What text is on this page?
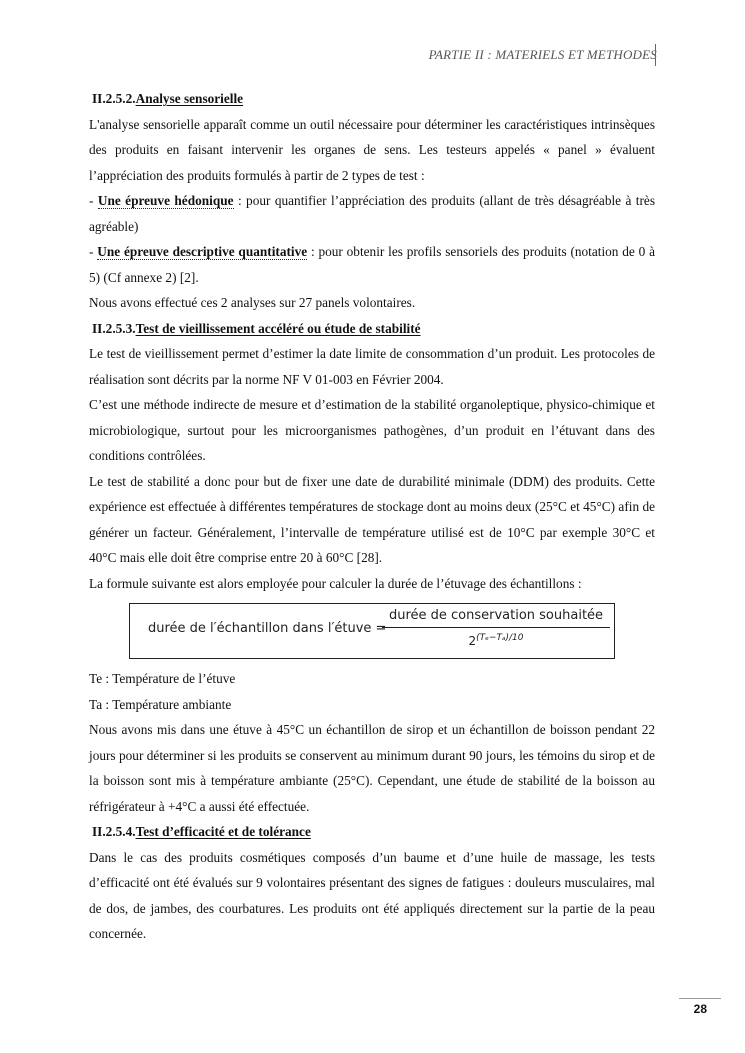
PARTIE II : MATERIELS ET METHODES

II.2.5.2.Analyse sensorielle

L'analyse sensorielle apparaît comme un outil nécessaire pour déterminer les caractéristiques intrinsèques des produits en faisant intervenir les organes de sens. Les testeurs appelés « panel » évaluent l’appréciation des produits formulés à partir de 2 types de test :

- Une épreuve hédonique : pour quantifier l’appréciation des produits (allant de très désagréable à très agréable)

- Une épreuve descriptive quantitative : pour obtenir les profils sensoriels des produits (notation de 0 à 5) (Cf annexe 2) [2].

Nous avons effectué ces 2 analyses sur 27 panels volontaires.

II.2.5.3.Test de vieillissement accéléré ou étude de stabilité

Le test de vieillissement permet d’estimer la date limite de consommation d’un produit. Les protocoles de réalisation sont décrits par la norme NF V 01-003 en Février 2004.

C’est une méthode indirecte de mesure et d’estimation de la stabilité organoleptique, physico-chimique et microbiologique, surtout pour les microorganismes pathogènes, d’un produit en l’étuvant dans des conditions contrôlées.

Le test de stabilité a donc pour but de fixer une date de durabilité minimale (DDM) des produits. Cette expérience est effectuée à différentes températures de stockage dont au moins deux (25°C et 45°C) afin de générer un facteur. Généralement, l’intervalle de température utilisé est de 10°C par exemple 30°C et 40°C mais elle doit être comprise entre 20 à 60°C [28].

La formule suivante est alors employée pour calculer la durée de l’étuvage des échantillons :

durée de l′échantillon dans l′étuve =
durée de conservation souhaitée
$2^{(T_e-T_a)/10}$

Te : Température de l’étuve

Ta : Température ambiante

Nous avons mis dans une étuve à 45°C un échantillon de sirop et un échantillon de boisson pendant 22 jours pour déterminer si les produits se conservent au minimum durant 90 jours, les témoins du sirop et de la boisson sont mis à température ambiante (25°C). Cependant, une étude de stabilité de la boisson au réfrigérateur à +4°C a aussi été effectuée.

II.2.5.4.Test d’efficacité et de tolérance

Dans le cas des produits cosmétiques composés d’un baume et d’une huile de massage, les tests d’efficacité ont été évalués sur 9 volontaires présentant des signes de fatigues : douleurs musculaires, mal de dos, de jambes, des courbatures. Les produits ont été appliqués directement sur la partie de la peau concernée.

28
